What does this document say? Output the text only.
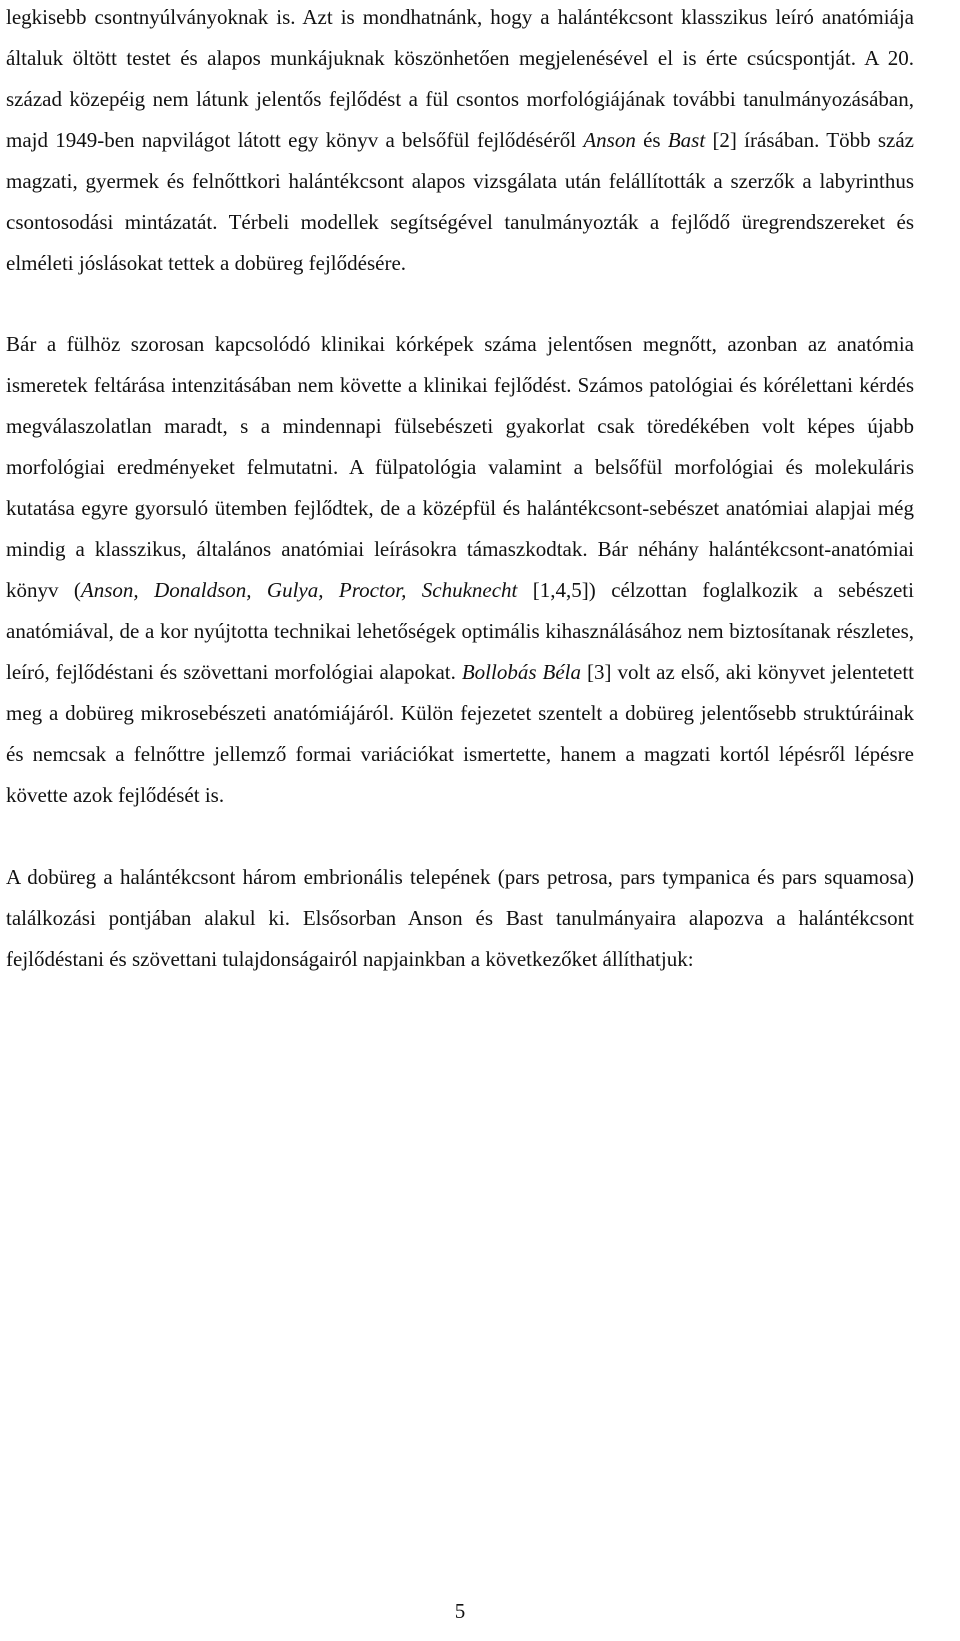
legkisebb csontnyúlványoknak is. Azt is mondhatnánk, hogy a halántékcsont klasszikus leíró anatómiája általuk öltött testet és alapos munkájuknak köszönhetően megjelenésével el is érte csúcspontját. A 20. század közepéig nem látunk jelentős fejlődést a fül csontos morfológiájának további tanulmányozásában, majd 1949-ben napvilágot látott egy könyv a belsőfül fejlődéséről Anson és Bast [2] írásában. Több száz magzati, gyermek és felnőttkori halántékcsont alapos vizsgálata után felállították a szerzők a labyrinthus csontosodási mintázatát. Térbeli modellek segítségével tanulmányozták a fejlődő üregrendszereket és elméleti jóslásokat tettek a dobüreg fejlődésére.

Bár a fülhöz szorosan kapcsolódó klinikai kórképek száma jelentősen megnőtt, azonban az anatómia ismeretek feltárása intenzitásában nem követte a klinikai fejlődést. Számos patológiai és kórélettani kérdés megválaszolatlan maradt, s a mindennapi fülsebészeti gyakorlat csak töredékében volt képes újabb morfológiai eredményeket felmutatni. A fülpatológia valamint a belsőfül morfológiai és molekuláris kutatása egyre gyorsuló ütemben fejlődtek, de a középfül és halántékcsont-sebészet anatómiai alapjai még mindig a klasszikus, általános anatómiai leírásokra támaszkodtak. Bár néhány halántékcsont-anatómiai könyv (Anson, Donaldson, Gulya, Proctor, Schuknecht [1,4,5]) célzottan foglalkozik a sebészeti anatómiával, de a kor nyújtotta technikai lehetőségek optimális kihasználásához nem biztosítanak részletes, leíró, fejlődéstani és szövettani morfológiai alapokat. Bollobás Béla [3] volt az első, aki könyvet jelentetett meg a dobüreg mikrosebészeti anatómiájáról. Külön fejezetet szentelt a dobüreg jelentősebb struktúráinak és nemcsak a felnőttre jellemző formai variációkat ismertette, hanem a magzati kortól lépésről lépésre követte azok fejlődését is.

A dobüreg a halántékcsont három embrionális telepének (pars petrosa, pars tympanica és pars squamosa) találkozási pontjában alakul ki. Elsősorban Anson és Bast tanulmányaira alapozva a halántékcsont fejlődéstani és szövettani tulajdonságairól napjainkban a következőket állíthatjuk:

5
